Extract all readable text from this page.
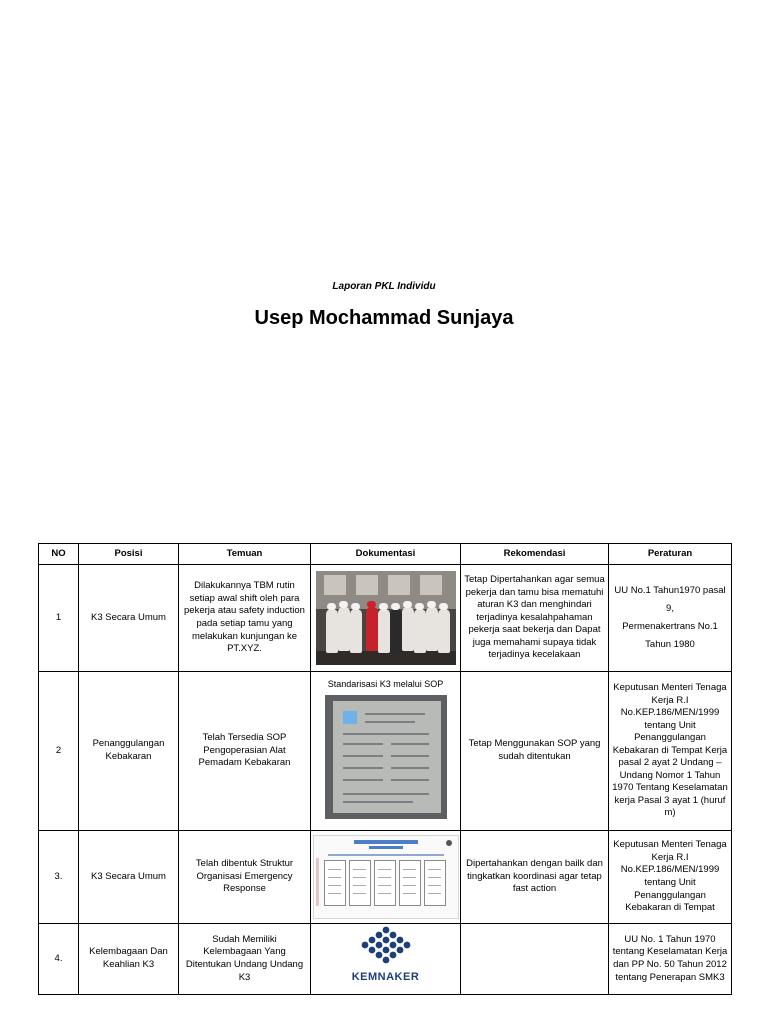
Laporan PKL Individu
Usep Mochammad Sunjaya
NO	Posisi	Temuan	Dokumentasi	Rekomendasi	Peraturan
1	K3 Secara Umum	Dilakukannya TBM rutin setiap awal shift oleh para pekerja atau safety induction pada setiap tamu yang melakukan kunjungan ke PT.XYZ.		Tetap Dipertahankan agar semua pekerja dan tamu bisa mematuhi aturan K3 dan menghindari terjadinya kesalahpahaman pekerja saat bekerja dan Dapat juga memahami supaya tidak terjadinya kecelakaan	UU No.1 Tahun1970 pasal 9,
Permenakertrans No.1 Tahun 1980

2	Penanggulangan Kebakaran	Telah Tersedia SOP Pengoperasian Alat Pemadam Kebakaran	Standarisasi K3 melalui SOP	Tetap Menggunakan SOP yang sudah ditentukan	Keputusan Menteri Tenaga Kerja R.I No.KEP.186/MEN/1999 tentang Unit Penanggulangan Kebakaran di Tempat Kerja pasal 2 ayat 2 Undang – Undang Nomor 1 Tahun 1970 Tentang Keselamatan kerja Pasal 3 ayat 1 (huruf m)
3.	K3 Secara Umum	Telah dibentuk Struktur Organisasi Emergency Response		Dipertahankan dengan bailk dan tingkatkan koordinasi agar tetap fast action	Keputusan Menteri Tenaga Kerja R.I No.KEP.186/MEN/1999 tentang Unit Penanggulangan Kebakaran di Tempat
4.	Kelembagaan Dan Keahlian K3	Sudah Memiliki Kelembagaan Yang Ditentukan Undang Undang K3	KEMNAKER		UU No. 1 Tahun 1970 tentang Keselamatan Kerja dan PP No. 50 Tahun 2012 tentang Penerapan SMK3
